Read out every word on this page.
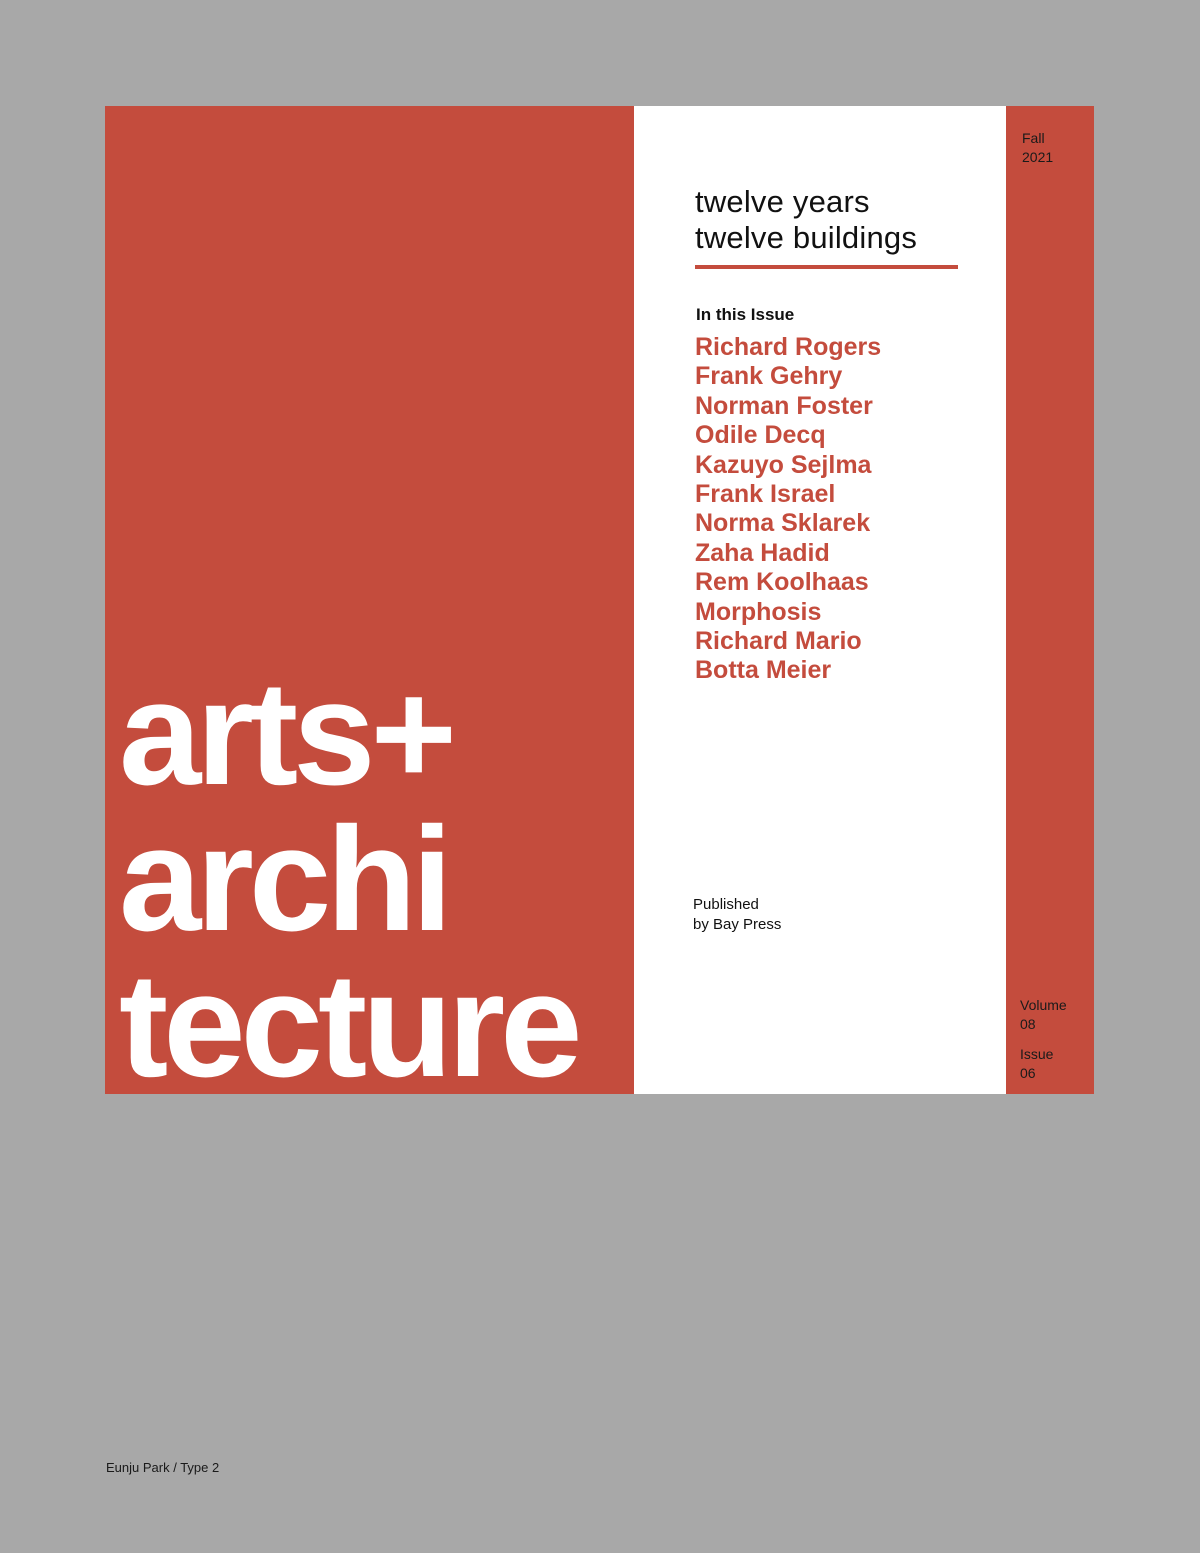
arts+
archi
tecture
twelve years
twelve buildings
In this Issue
Richard Rogers
Frank Gehry
Norman Foster
Odile Decq
Kazuyo Sejlma
Frank Israel
Norma Sklarek
Zaha Hadid
Rem Koolhaas
Morphosis
Richard Mario
Botta Meier
Published
by Bay Press
Fall
2021
Volume
08
Issue
06
Eunju Park / Type 2
